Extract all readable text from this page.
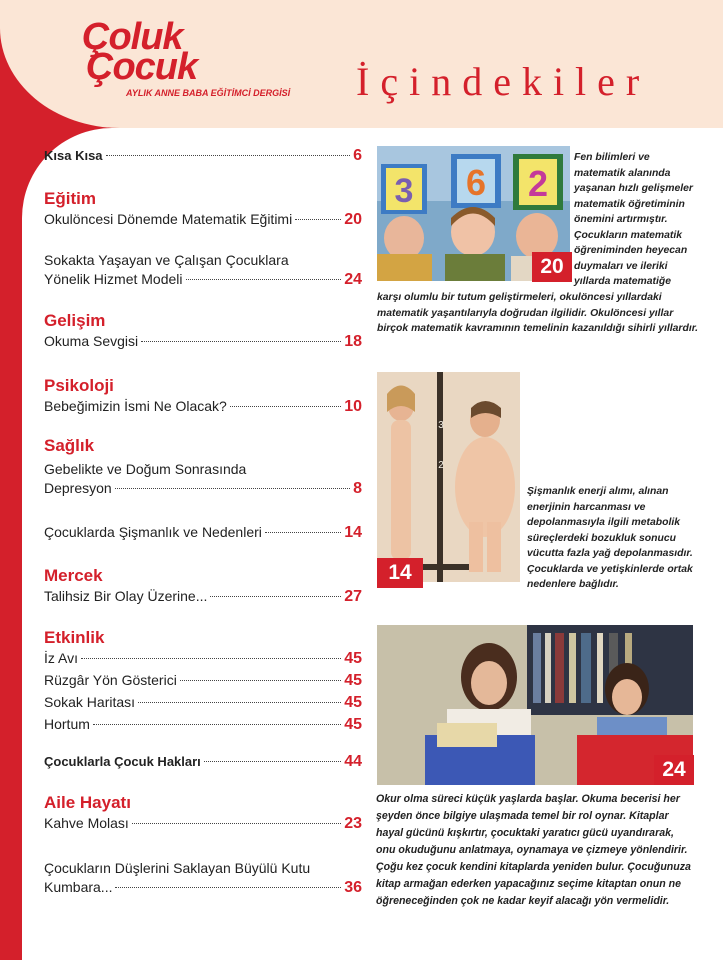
Çoluk
Çocuk
AYLIK ANNE BABA EĞİTİMCİ DERGİSİ İçindekiler
Kısa Kısa	6
Eğitim
Okulöncesi Dönemde Matematik Eğitimi	20
Sokakta Yaşayan ve Çalışan Çocuklara
Yönelik Hizmet Modeli	24
Gelişim
Okuma Sevgisi	18
Psikoloji
Bebeğimizin İsmi Ne Olacak?	10
Sağlık
Gebelikte ve Doğum Sonrasında
Depresyon	8
Çocuklarda Şişmanlık ve Nedenleri	14
Mercek
Talihsiz Bir Olay Üzerine...	27
Etkinlik
İz Avı	45
Rüzgâr Yön Gösterici	45
Sokak Haritası	45
Hortum	45
Çocuklarla Çocuk Hakları	44
Aile Hayatı
Kahve Molası	23
Çocukların Düşlerini Saklayan Büyülü Kutu
Kumbara...	36
3 6 2
20
Fen bilimleri ve
matematik alanında
yaşanan hızlı gelişmeler
matematik öğretiminin
önemini artırmıştır.
Çocukların matematik
öğreniminden heyecan
duymaları ve ileriki
yıllarda matematiğe
karşı olumlu bir tutum geliştirmeleri, okulöncesi yıllardaki
matematik yaşantılarıyla doğrudan ilgilidir. Okulöncesi yıllar
birçok matematik kavramının temelinin kazanıldığı sihirli yıllardır.
3
2
14
Şişmanlık enerji alımı, alınan
enerjinin harcanması ve
depolanmasıyla ilgili metabolik
süreçlerdeki bozukluk sonucu
vücutta fazla yağ depolanmasıdır.
Çocuklarda ve yetişkinlerde ortak
nedenlere bağlıdır.
24
Okur olma süreci küçük yaşlarda başlar. Okuma becerisi her
şeyden önce bilgiye ulaşmada temel bir rol oynar. Kitaplar
hayal gücünü kışkırtır, çocuktaki yaratıcı gücü uyandırarak,
onu okuduğunu anlatmaya, oynamaya ve çizmeye yönlendirir.
Çoğu kez çocuk kendini kitaplarda yeniden bulur. Çocuğunuza
kitap armağan ederken yapacağınız seçime kitaptan onun ne
öğreneceğinden çok ne kadar keyif alacağı yön vermelidir.
